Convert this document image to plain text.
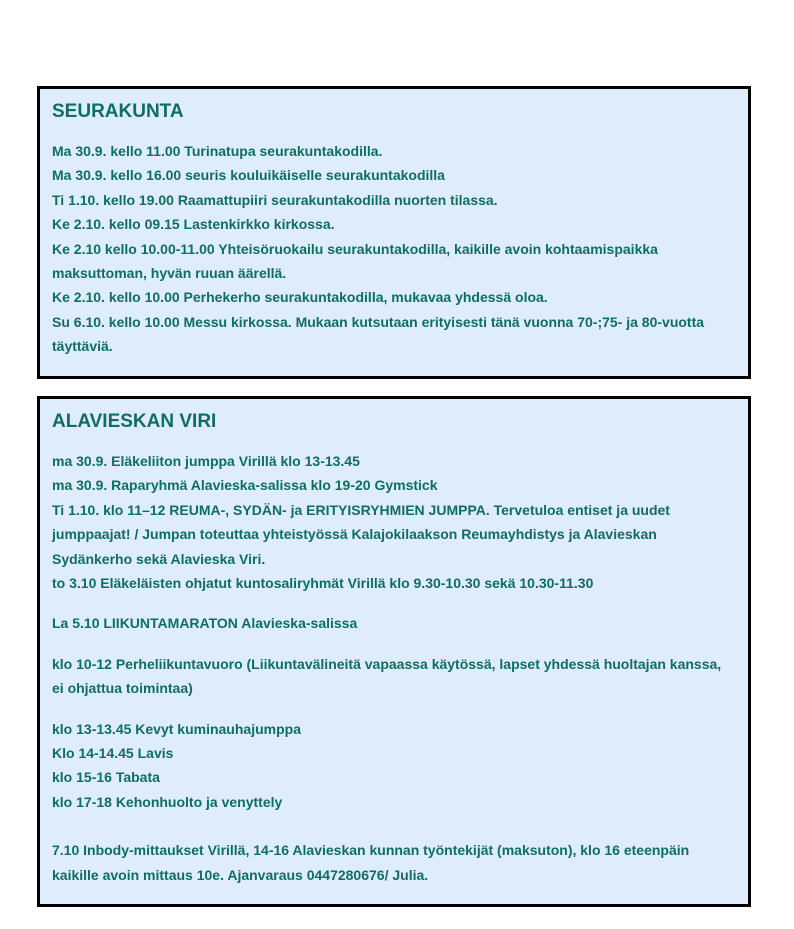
SEURAKUNTA

Ma 30.9. kello 11.00 Turinatupa seurakuntakodilla.

Ma 30.9. kello 16.00 seuris kouluikäiselle seurakuntakodilla

Ti 1.10. kello 19.00 Raamattupiiri seurakuntakodilla nuorten tilassa.

Ke 2.10. kello 09.15 Lastenkirkko kirkossa.

Ke 2.10 kello 10.00-11.00 Yhteisöruokailu seurakuntakodilla, kaikille avoin kohtaamispaikka maksuttoman, hyvän ruuan äärellä.

Ke 2.10. kello 10.00 Perhekerho seurakuntakodilla, mukavaa yhdessä oloa.

Su 6.10. kello 10.00 Messu kirkossa. Mukaan kutsutaan erityisesti tänä vuonna 70-;75- ja 80-vuotta täyttäviä.

ALAVIESKAN VIRI

ma 30.9. Eläkeliiton jumppa Virillä klo 13-13.45

ma 30.9. Raparyhmä Alavieska-salissa klo 19-20 Gymstick

Ti 1.10. klo 11–12 REUMA-, SYDÄN- ja ERITYISRYHMIEN JUMPPA. Tervetuloa entiset ja uudet jumppaajat! / Jumpan toteuttaa yhteistyössä Kalajokilaakson Reumayhdistys ja Alavieskan Sydänkerho sekä Alavieska Viri.

to 3.10 Eläkeläisten ohjatut kuntosaliryhmät Virillä klo 9.30-10.30 sekä 10.30-11.30

La 5.10 LIIKUNTAMARATON Alavieska-salissa

klo 10-12 Perheliikuntavuoro (Liikuntavälineitä vapaassa käytössä, lapset yhdessä huoltajan kanssa, ei ohjattua toimintaa)

klo 13-13.45 Kevyt kuminauhajumppa

Klo 14-14.45 Lavis

klo 15-16 Tabata

klo 17-18 Kehonhuolto ja venyttely

7.10 Inbody-mittaukset Virillä, 14-16 Alavieskan kunnan työntekijät (maksuton), klo 16 eteenpäin kaikille avoin mittaus 10e. Ajanvaraus 0447280676/ Julia.
